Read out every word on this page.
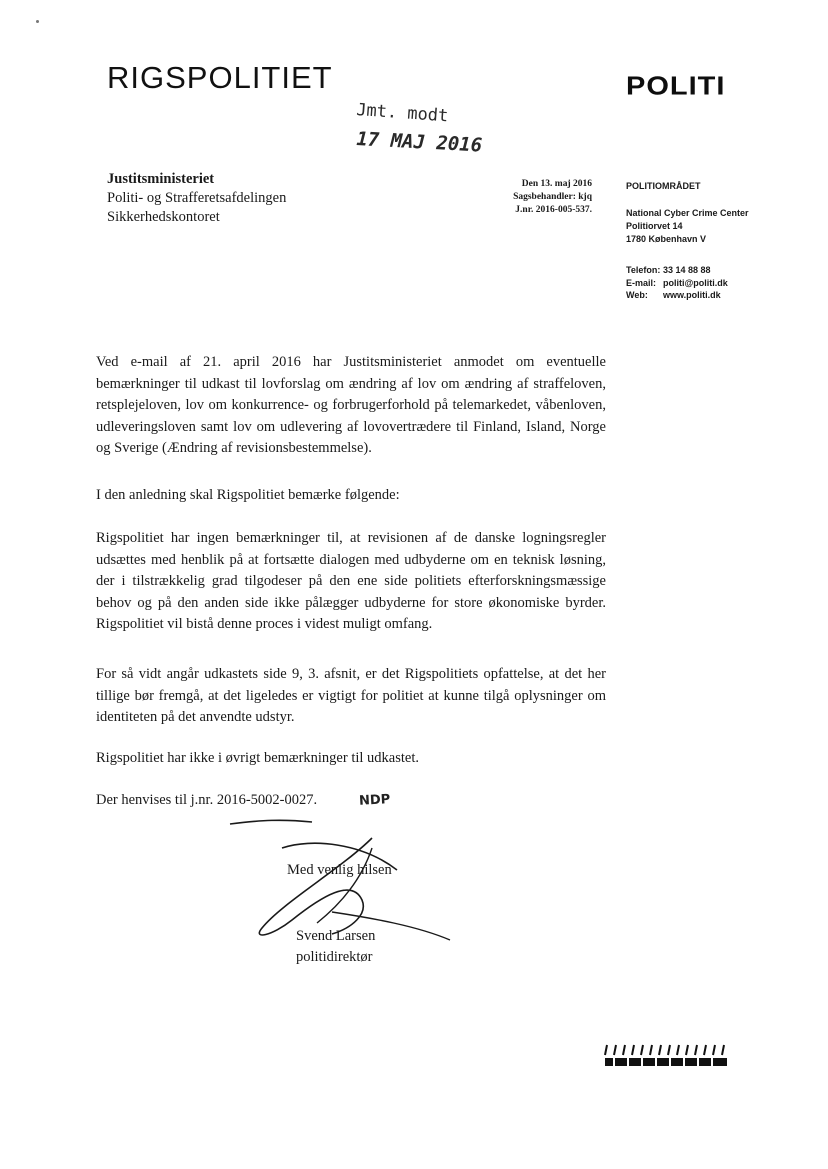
RIGSPOLITIET	POLITI
Jmt. modt
17 MAJ 2016
Justitsministeriet
Politi- og Strafferetsafdelingen
Sikkerhedskontoret
Den 13. maj 2016
Sagsbehandler: kjq
J.nr. 2016-005-537.
POLITIOMRÅDET
National Cyber Crime Center
Politiorvet 14
1780 København V
Telefon: 33 14 88 88
E-mail: politi@politi.dk
Web:	www.politi.dk
Ved e-mail af 21. april 2016 har Justitsministeriet anmodet om eventuelle bemærkninger til udkast til lovforslag om ændring af lov om ændring af straffeloven, retsplejeloven, lov om konkurrence- og forbrugerforhold på telemarkedet, våbenloven, udleveringsloven samt lov om udlevering af lovovertrædere til Finland, Island, Norge og Sverige (Ændring af revisionsbestemmelse).
I den anledning skal Rigspolitiet bemærke følgende:
Rigspolitiet har ingen bemærkninger til, at revisionen af de danske logningsregler udsættes med henblik på at fortsætte dialogen med udbyderne om en teknisk løsning, der i tilstrækkelig grad tilgodeser på den ene side politiets efterforskningsmæssige behov og på den anden side ikke pålægger udbyderne for store økonomiske byrder. Rigspolitiet vil bistå denne proces i videst muligt omfang.
For så vidt angår udkastets side 9, 3. afsnit, er det Rigspolitiets opfattelse, at det her tillige bør fremgå, at det ligeledes er vigtigt for politiet at kunne tilgå oplysninger om identiteten på det anvendte udstyr.
Rigspolitiet har ikke i øvrigt bemærkninger til udkastet.
Der henvises til j.nr. 2016-5002-0027.	NDP
Med venlig hilsen
Svend Larsen
politidirektør
